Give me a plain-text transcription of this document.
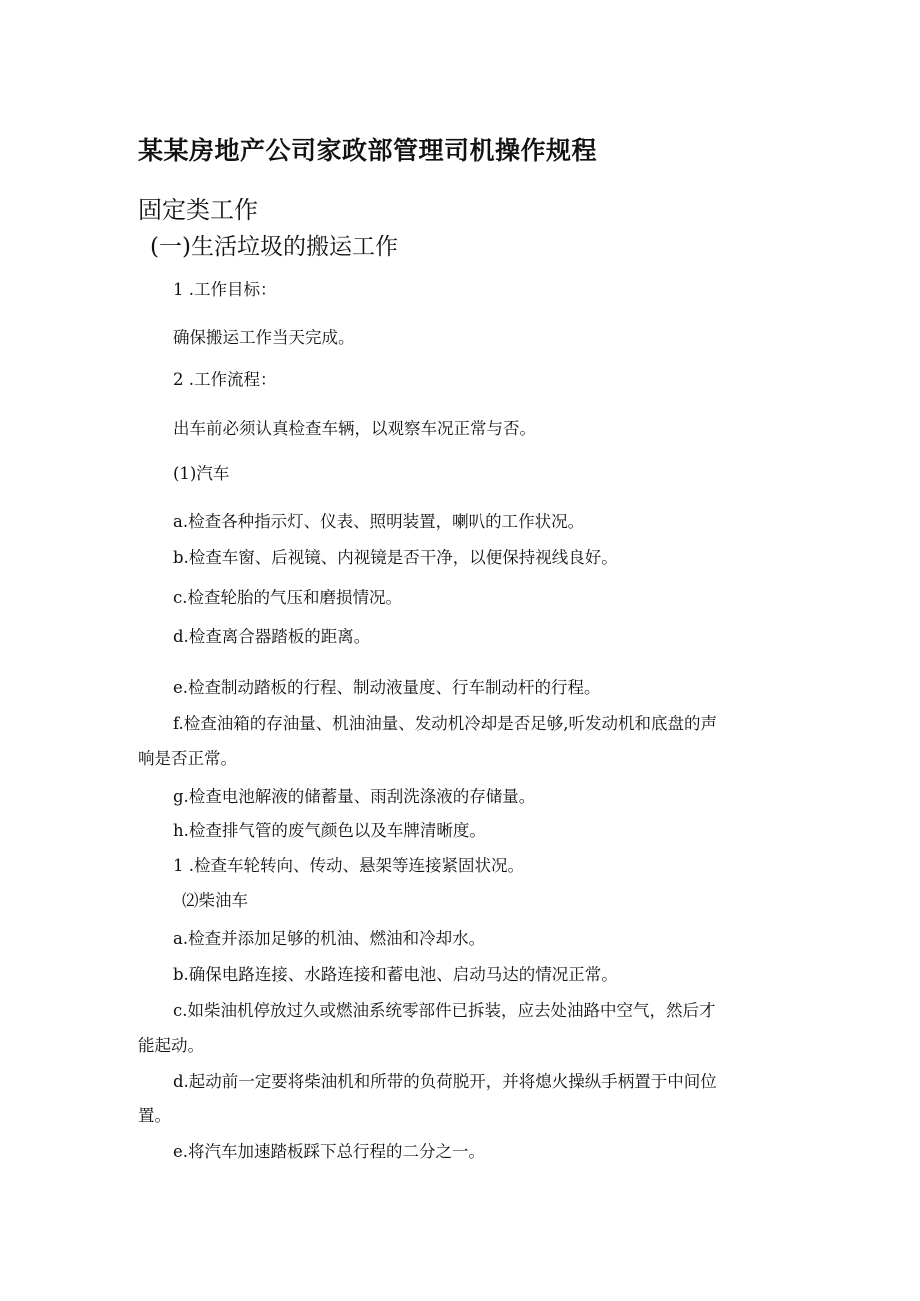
某某房地产公司家政部管理司机操作规程
固定类工作
(一)生活垃圾的搬运工作
1 .工作目标：
确保搬运工作当天完成。
2 .工作流程：
出车前必须认真检查车辆，以观察车况正常与否。
(1)汽车
a.检查各种指示灯、仪表、照明装置，喇叭的工作状况。
b.检查车窗、后视镜、内视镜是否干净，以便保持视线良好。
c.检查轮胎的气压和磨损情况。
d.检查离合器踏板的距离。
e.检查制动踏板的行程、制动液量度、行车制动杆的行程。
f.检查油箱的存油量、机油油量、发动机冷却是否足够,听发动机和底盘的声
响是否正常。
g.检查电池解液的储蓄量、雨刮洗涤液的存储量。
h.检查排气管的废气颜色以及车牌清晰度。
1 .检查车轮转向、传动、悬架等连接紧固状况。
⑵柴油车
a.检查并添加足够的机油、燃油和冷却水。
b.确保电路连接、水路连接和蓄电池、启动马达的情况正常。
c.如柴油机停放过久或燃油系统零部件已拆装，应去处油路中空气，然后才
能起动。
d.起动前一定要将柴油机和所带的负荷脱开，并将熄火操纵手柄置于中间位
置。
e.将汽车加速踏板踩下总行程的二分之一。
